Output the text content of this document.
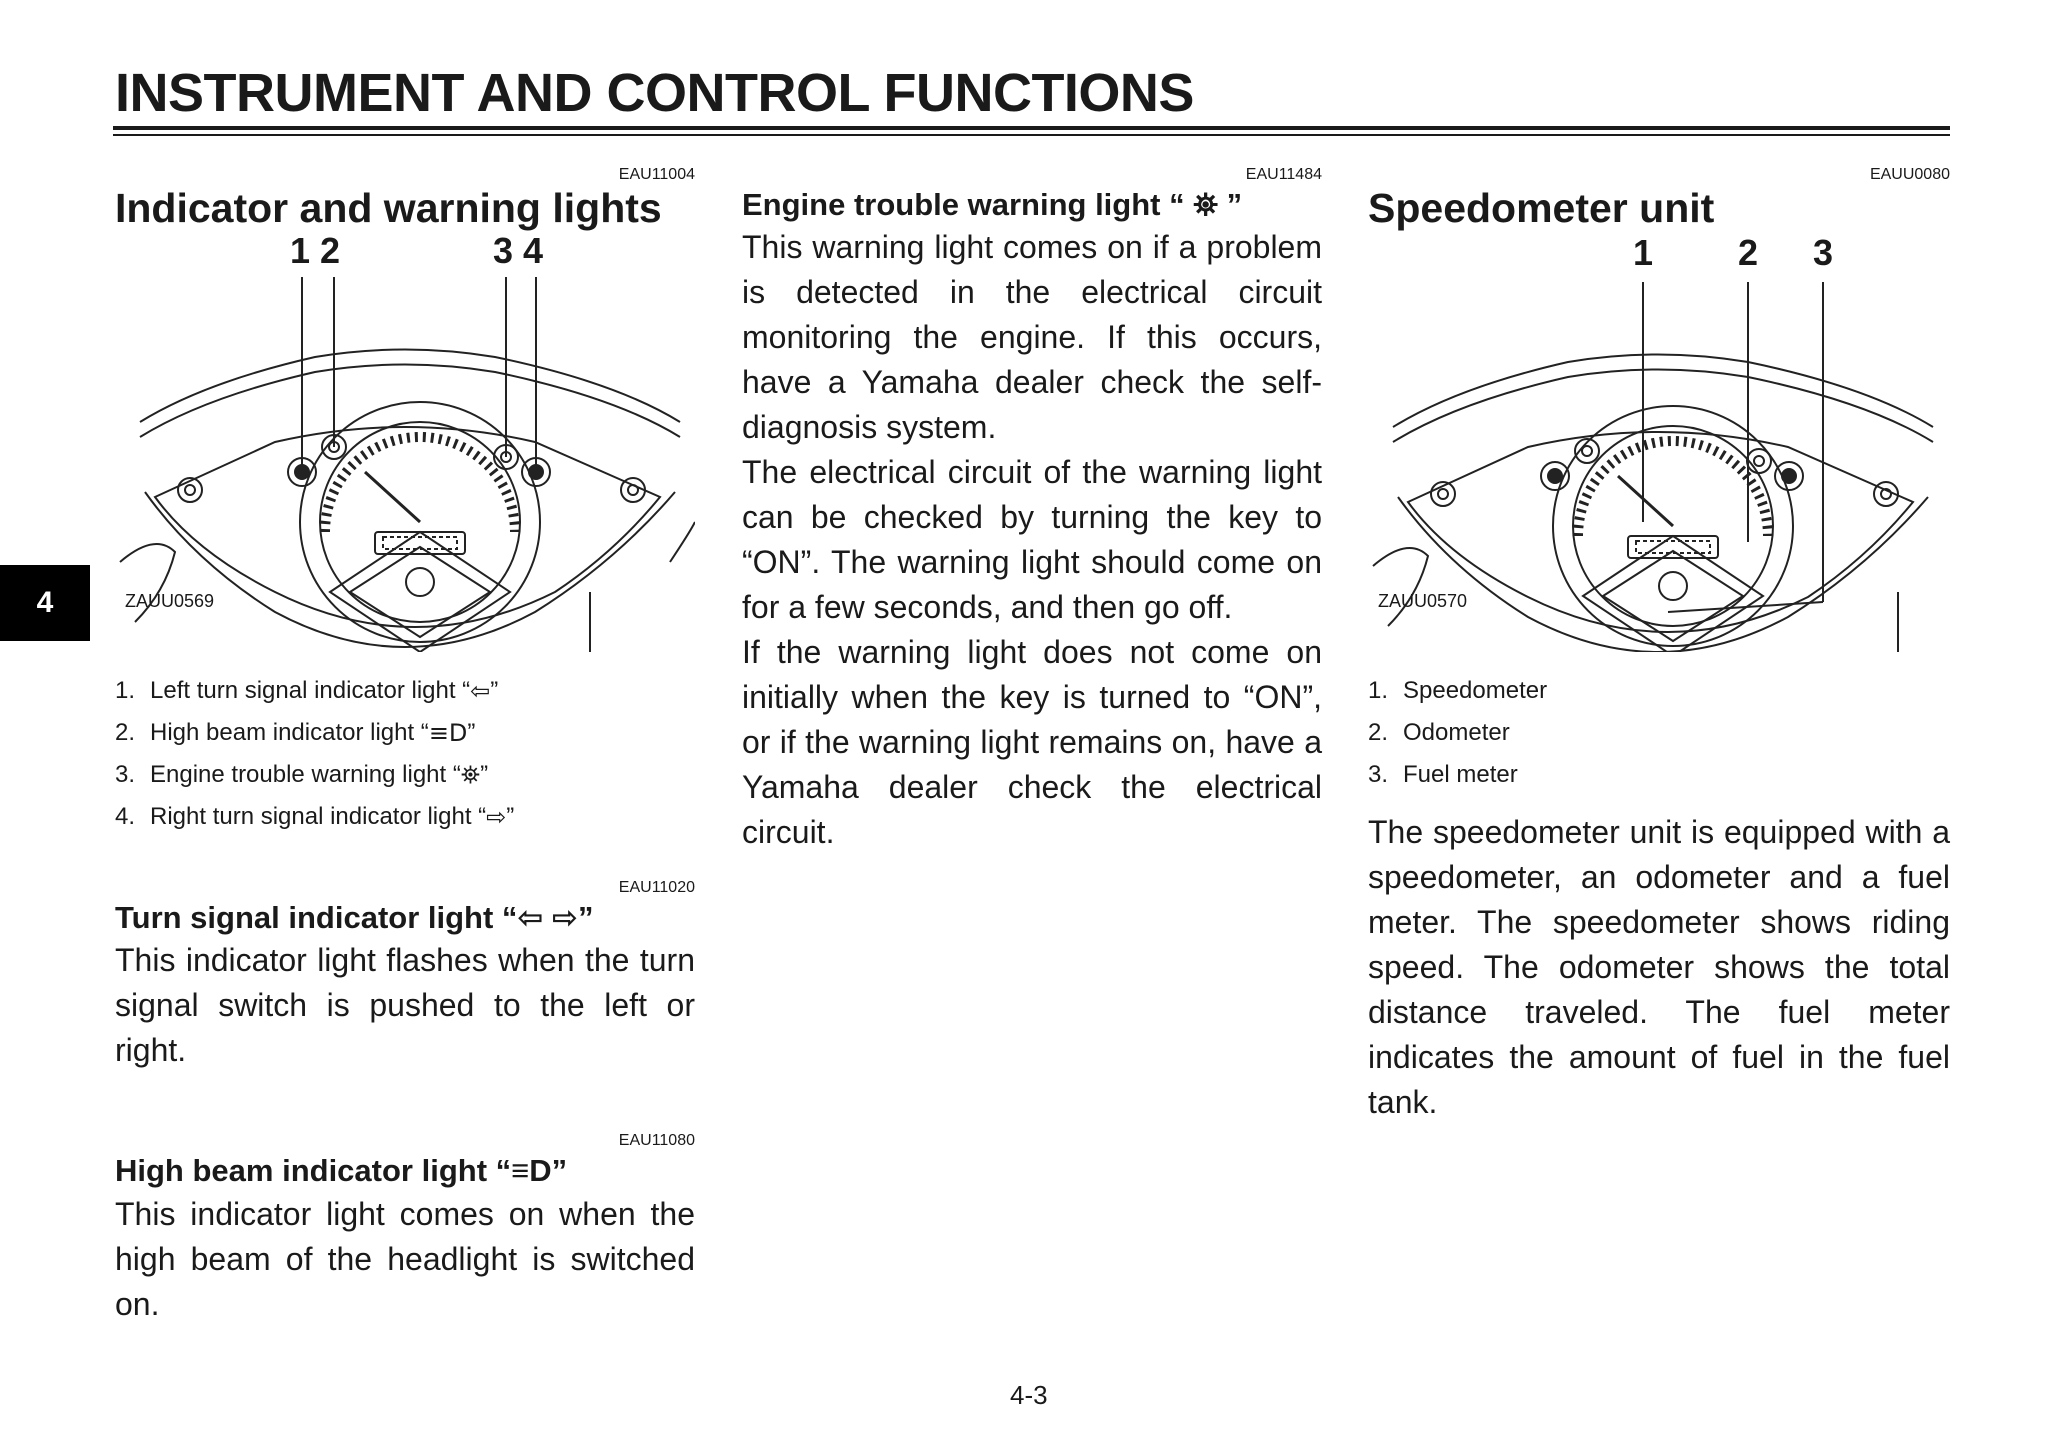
INSTRUMENT AND CONTROL FUNCTIONS
4
EAU11004
Indicator and warning lights
1 2	3 4
ZAUU0569
1. Left turn signal indicator light “ ⇦ ”
2. High beam indicator light “ ≡D ”
3. Engine trouble warning light “ ⛯ ”
4. Right turn signal indicator light “ ⇨ ”
EAU11020
Turn signal indicator light “⇦ ⇨”

This indicator light flashes when the turn signal switch is pushed to the left or right.

EAU11080
High beam indicator light “≡D”

This indicator light comes on when the high beam of the headlight is switched on.

EAU11484
Engine trouble warning light “ ⛯ ”

This warning light comes on if a problem is detected in the electrical circuit monitoring the engine. If this occurs, have a Yamaha dealer check the self-diagnosis system.

The electrical circuit of the warning light can be checked by turning the key to “ON”. The warning light should come on for a few seconds, and then go off.

If the warning light does not come on initially when the key is turned to “ON”, or if the warning light remains on, have a Yamaha dealer check the electrical circuit.

EAUU0080
Speedometer unit
1 2 3
ZAUU0570
1. Speedometer
2. Odometer
3. Fuel meter

The speedometer unit is equipped with a speedometer, an odometer and a fuel meter. The speedometer shows riding speed. The odometer shows the total distance traveled. The fuel meter indicates the amount of fuel in the fuel tank.

4-3
